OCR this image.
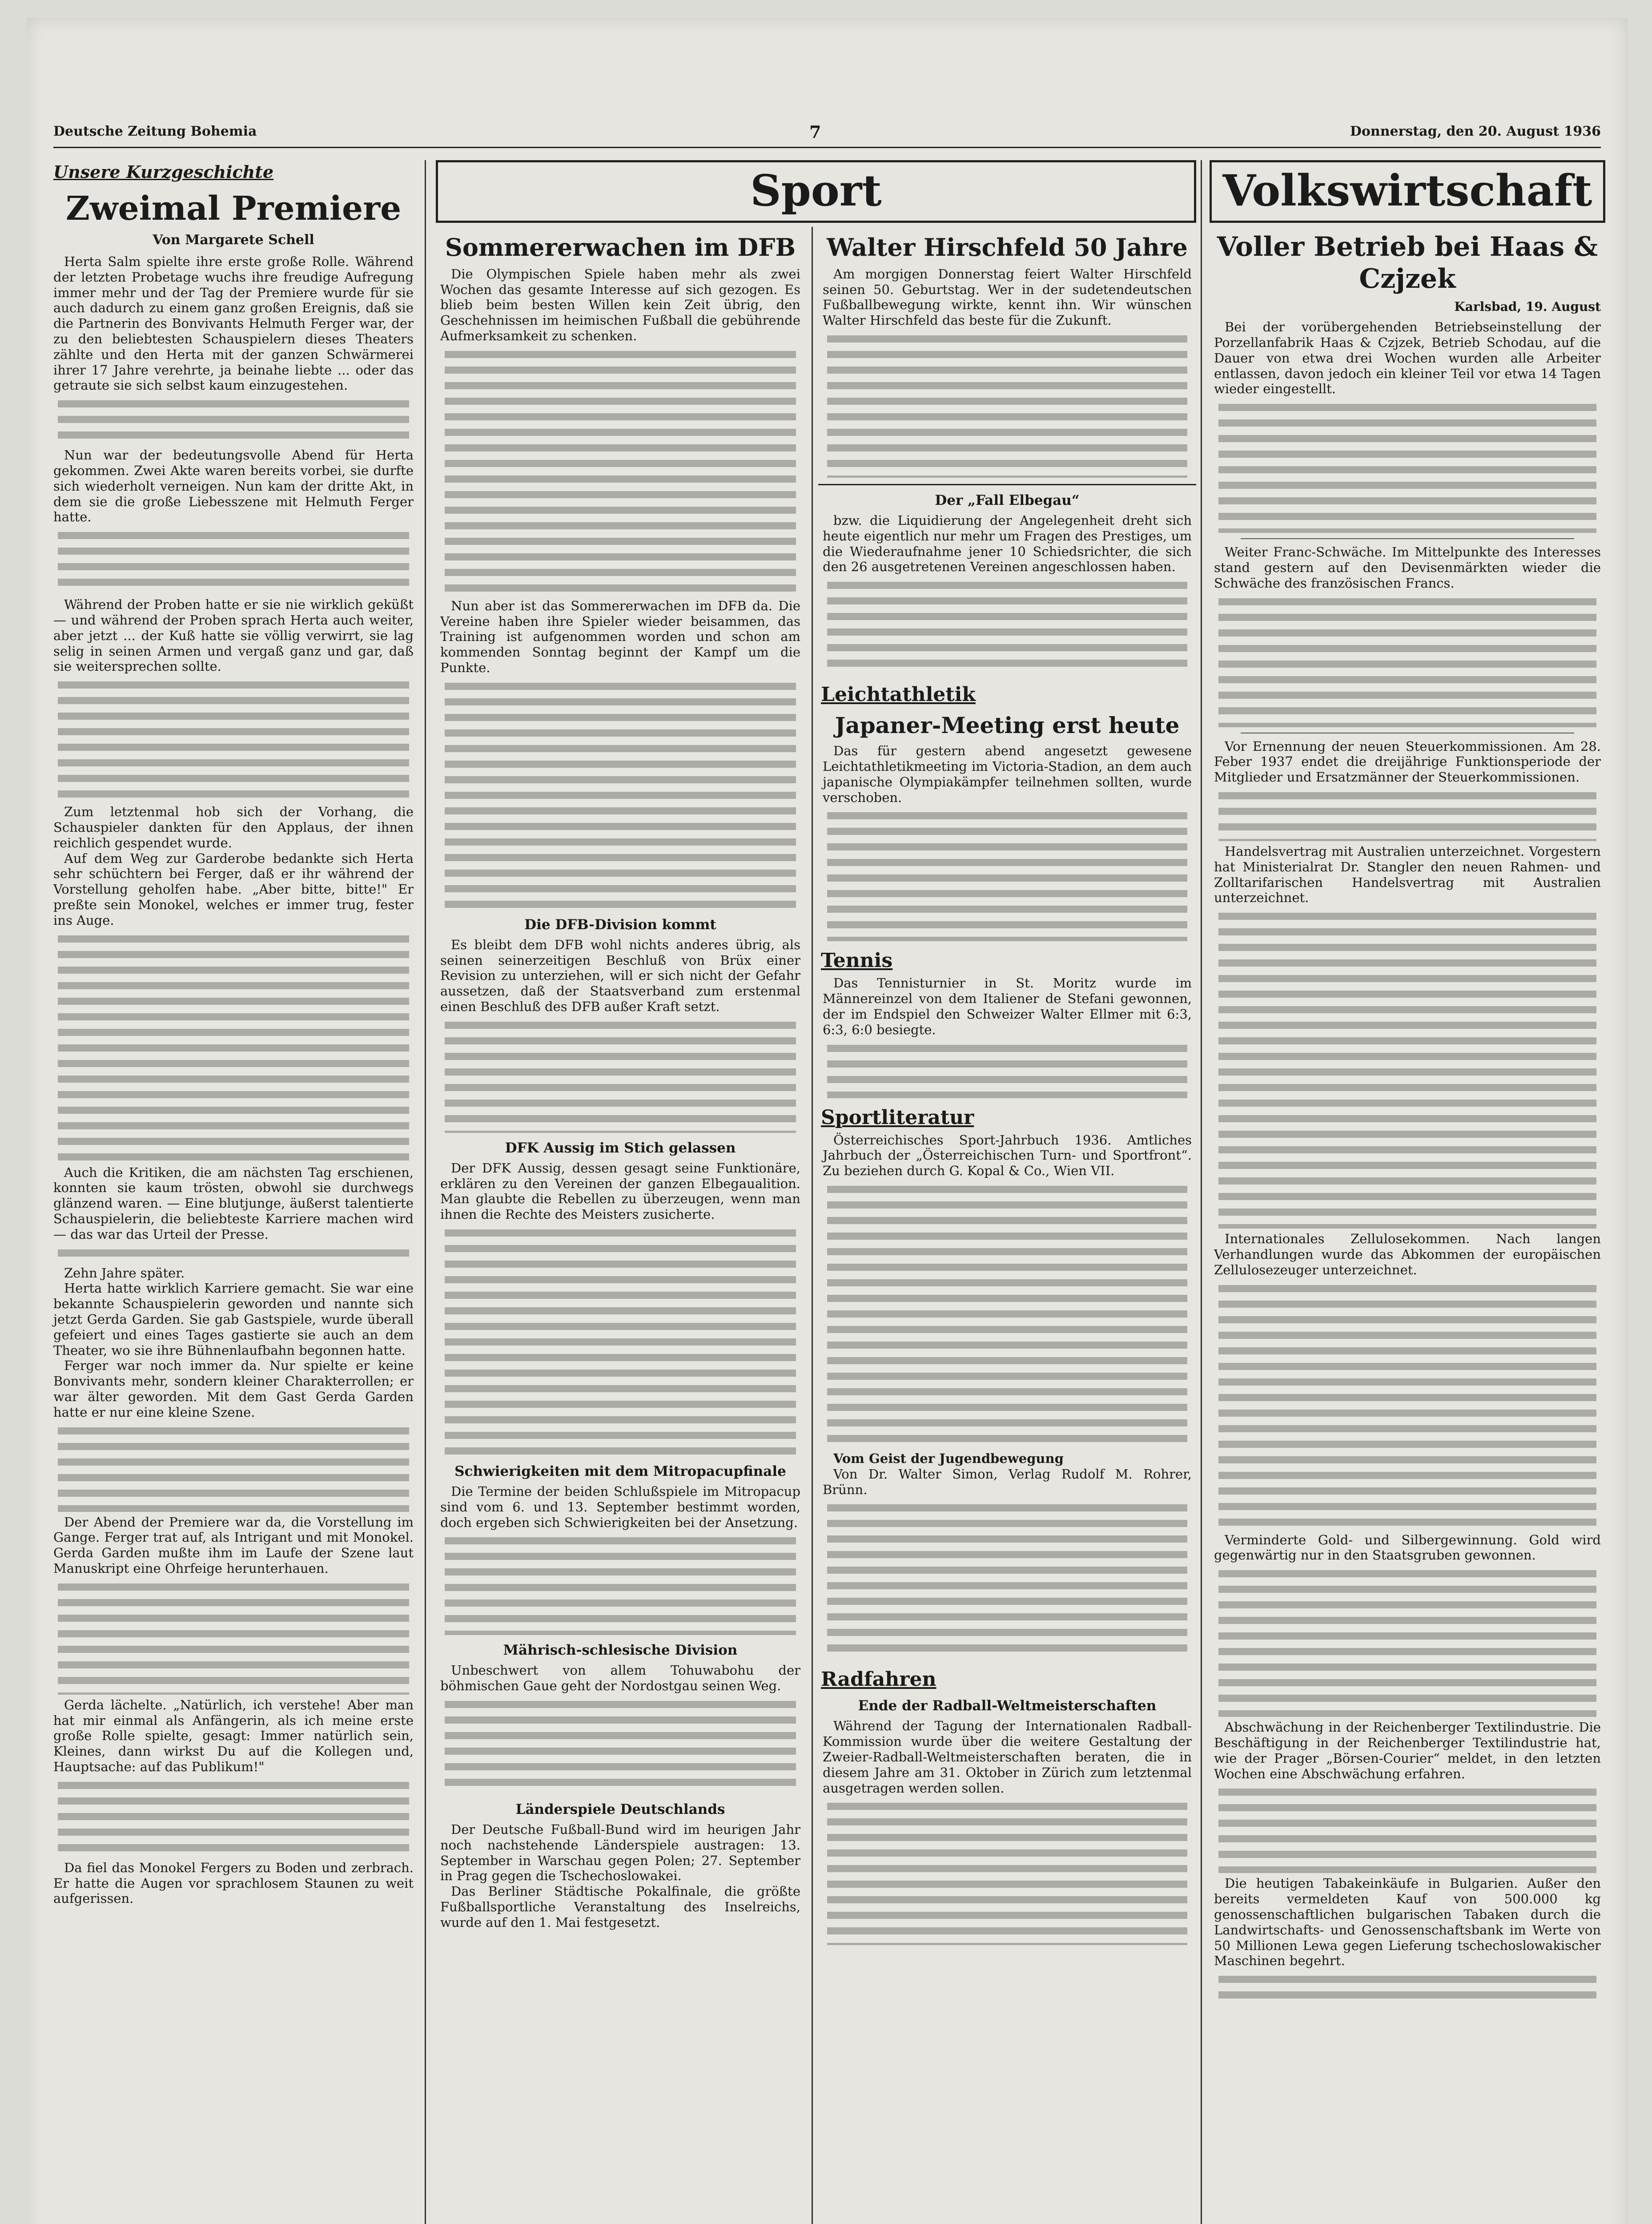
Deutsche Zeitung Bohemia	7	Donnerstag, den 20. August 1936
Unsere Kurzgeschichte
Zweimal Premiere
Von Margarete Schell

Herta Salm spielte ihre erste große Rolle. Während der letzten Probetage wuchs ihre freudige Aufregung immer mehr und der Tag der Premiere wurde für sie auch dadurch zu einem ganz großen Ereignis, daß sie die Partnerin des Bonvivants Helmuth Ferger war, der zu den beliebtesten Schauspielern dieses Theaters zählte und den Herta mit der ganzen Schwärmerei ihrer 17 Jahre verehrte, ja beinahe liebte ... oder das getraute sie sich selbst kaum einzugestehen.

Nun war der bedeutungsvolle Abend für Herta gekommen. Zwei Akte waren bereits vorbei, sie durfte sich wiederholt verneigen. Nun kam der dritte Akt, in dem sie die große Liebesszene mit Helmuth Ferger hatte.

Während der Proben hatte er sie nie wirklich geküßt — und während der Proben sprach Herta auch weiter, aber jetzt ... der Kuß hatte sie völlig verwirrt, sie lag selig in seinen Armen und vergaß ganz und gar, daß sie weitersprechen sollte.

Zum letztenmal hob sich der Vorhang, die Schauspieler dankten für den Applaus, der ihnen reichlich gespendet wurde.

Auf dem Weg zur Garderobe bedankte sich Herta sehr schüchtern bei Ferger, daß er ihr während der Vorstellung geholfen habe. „Aber bitte, bitte!" Er preßte sein Monokel, welches er immer trug, fester ins Auge.

Auch die Kritiken, die am nächsten Tag erschienen, konnten sie kaum trösten, obwohl sie durchwegs glänzend waren. — Eine blutjunge, äußerst talentierte Schauspielerin, die beliebteste Karriere machen wird — das war das Urteil der Presse.

Zehn Jahre später.

Herta hatte wirklich Karriere gemacht. Sie war eine bekannte Schauspielerin geworden und nannte sich jetzt Gerda Garden. Sie gab Gastspiele, wurde überall gefeiert und eines Tages gastierte sie auch an dem Theater, wo sie ihre Bühnenlaufbahn begonnen hatte.

Ferger war noch immer da. Nur spielte er keine Bonvivants mehr, sondern kleiner Charakterrollen; er war älter geworden. Mit dem Gast Gerda Garden hatte er nur eine kleine Szene.

Der Abend der Premiere war da, die Vorstellung im Gange. Ferger trat auf, als Intrigant und mit Monokel. Gerda Garden mußte ihm im Laufe der Szene laut Manuskript eine Ohrfeige herunterhauen.

Gerda lächelte. „Natürlich, ich verstehe! Aber man hat mir einmal als Anfängerin, als ich meine erste große Rolle spielte, gesagt: Immer natürlich sein, Kleines, dann wirkst Du auf die Kollegen und, Hauptsache: auf das Publikum!"

Da fiel das Monokel Fergers zu Boden und zerbrach. Er hatte die Augen vor sprachlosem Staunen zu weit aufgerissen.

Sport
Sommererwachen im DFB

Die Olympischen Spiele haben mehr als zwei Wochen das gesamte Interesse auf sich gezogen. Es blieb beim besten Willen kein Zeit übrig, den Geschehnissen im heimischen Fußball die gebührende Aufmerksamkeit zu schenken.

Nun aber ist das Sommererwachen im DFB da. Die Vereine haben ihre Spieler wieder beisammen, das Training ist aufgenommen worden und schon am kommenden Sonntag beginnt der Kampf um die Punkte.

Die DFB-Division kommt

Es bleibt dem DFB wohl nichts anderes übrig, als seinen seinerzeitigen Beschluß von Brüx einer Revision zu unterziehen, will er sich nicht der Gefahr aussetzen, daß der Staatsverband zum erstenmal einen Beschluß des DFB außer Kraft setzt.

DFK Aussig im Stich gelassen

Der DFK Aussig, dessen gesagt seine Funktionäre, erklären zu den Vereinen der ganzen Elbegaualition. Man glaubte die Rebellen zu überzeugen, wenn man ihnen die Rechte des Meisters zusicherte.

Schwierigkeiten mit dem Mitropacupfinale

Die Termine der beiden Schlußspiele im Mitropacup sind vom 6. und 13. September bestimmt worden, doch ergeben sich Schwierigkeiten bei der Ansetzung.

Mährisch-schlesische Division

Unbeschwert von allem Tohuwabohu der böhmischen Gaue geht der Nordostgau seinen Weg.

Länderspiele Deutschlands

Der Deutsche Fußball-Bund wird im heurigen Jahr noch nachstehende Länderspiele austragen: 13. September in Warschau gegen Polen; 27. September in Prag gegen die Tschechoslowakei.

Das Berliner Städtische Pokalfinale, die größte Fußballsportliche Veranstaltung des Inselreichs, wurde auf den 1. Mai festgesetzt.

Walter Hirschfeld 50 Jahre

Am morgigen Donnerstag feiert Walter Hirschfeld seinen 50. Geburtstag. Wer in der sudetendeutschen Fußballbewegung wirkte, kennt ihn. Wir wünschen Walter Hirschfeld das beste für die Zukunft.

Der „Fall Elbegau“

bzw. die Liquidierung der Angelegenheit dreht sich heute eigentlich nur mehr um Fragen des Prestiges, um die Wiederaufnahme jener 10 Schiedsrichter, die sich den 26 ausgetretenen Vereinen angeschlossen haben.

Leichtathletik
Japaner-Meeting erst heute

Das für gestern abend angesetzt gewesene Leichtathletikmeeting im Victoria-Stadion, an dem auch japanische Olympiakämpfer teilnehmen sollten, wurde verschoben.

Tennis

Das Tennisturnier in St. Moritz wurde im Männereinzel von dem Italiener de Stefani gewonnen, der im Endspiel den Schweizer Walter Ellmer mit 6:3, 6:3, 6:0 besiegte.

Sportliteratur

Österreichisches Sport-Jahrbuch 1936. Amtliches Jahrbuch der „Österreichischen Turn- und Sportfront“. Zu beziehen durch G. Kopal & Co., Wien VII.

Vom Geist der Jugendbewegung

Von Dr. Walter Simon, Verlag Rudolf M. Rohrer, Brünn.

Radfahren
Ende der Radball-Weltmeisterschaften

Während der Tagung der Internationalen Radball-Kommission wurde über die weitere Gestaltung der Zweier-Radball-Weltmeisterschaften beraten, die in diesem Jahre am 31. Oktober in Zürich zum letztenmal ausgetragen werden sollen.

Volkswirtschaft
Voller Betrieb bei Haas & Czjzek
Karlsbad, 19. August

Bei der vorübergehenden Betriebseinstellung der Porzellanfabrik Haas & Czjzek, Betrieb Schodau, auf die Dauer von etwa drei Wochen wurden alle Arbeiter entlassen, davon jedoch ein kleiner Teil vor etwa 14 Tagen wieder eingestellt.

Weiter Franc-Schwäche. Im Mittelpunkte des Interesses stand gestern auf den Devisenmärkten wieder die Schwäche des französischen Francs.

Vor Ernennung der neuen Steuerkommissionen. Am 28. Feber 1937 endet die dreijährige Funktionsperiode der Mitglieder und Ersatzmänner der Steuerkommissionen.

Handelsvertrag mit Australien unterzeichnet. Vorgestern hat Ministerialrat Dr. Stangler den neuen Rahmen- und Zolltarifarischen Handelsvertrag mit Australien unterzeichnet.

Internationales Zellulosekommen. Nach langen Verhandlungen wurde das Abkommen der europäischen Zellulosezeuger unterzeichnet.

Verminderte Gold- und Silbergewinnung. Gold wird gegenwärtig nur in den Staatsgruben gewonnen.

Abschwächung in der Reichenberger Textilindustrie. Die Beschäftigung in der Reichenberger Textilindustrie hat, wie der Prager „Börsen-Courier“ meldet, in den letzten Wochen eine Abschwächung erfahren.

Die heutigen Tabakeinkäufe in Bulgarien. Außer den bereits vermeldeten Kauf von 500.000 kg genossenschaftlichen bulgarischen Tabaken durch die Landwirtschafts- und Genossenschaftsbank im Werte von 50 Millionen Lewa gegen Lieferung tschechoslowakischer Maschinen begehrt.
